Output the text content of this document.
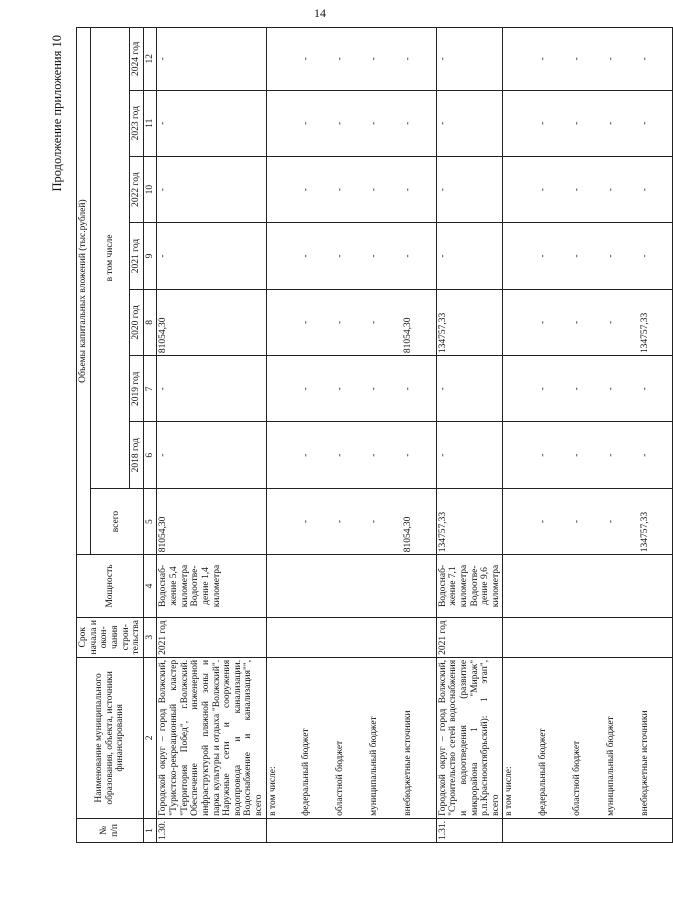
14
Продолжение приложения 10
№ п/п	Наименование муниципального образования, объекта, источники финансирования	Срок начала и окон- чания строи- тельства	Мощность	Объемы капитальных вложений (тыс.рублей)							
				всего	в том числе						
					2018 год	2019 год	2020 год	2021 год	2022 год	2023 год	2024 год
1	2	3	4	5	6	7	8	9	10	11	12
1.30.	Городской округ – город Волжский, "Туристско-рекреационный кластер "Территория Побед", г.Волжский. Обеспечение инженерной инфраструктурой пляжной зоны и парка культуры и отдыха "Волжский". Наружные сети и сооружения водопровода и канализации. Водоснабжение и канализация"", всего	2021 год	Водоснаб- жение 5,4 километра Водоотве- дение 1,4 километра	81054,30	-	-	81054,30	-	-	-	-
	в том числе:										
	федеральный бюджет			-	-	-	-	-	-	-	-
	областной бюджет			-	-	-	-	-	-	-	-
	муниципальный бюджет			-	-	-	-	-	-	-	-
	внебюджетные источники			81054,30	-	-	81054,30	-	-	-	-
1.31.	Городской округ – город Волжский, "Строительство сетей водоснабжения и водоотведения (развитие микрорайона 1 "Мираж" р.п.Краснооктябрьский): 1 этап", всего	2021 год	Водоснаб- жение 7,1 километра Водоотве- дение 9,6 километра	134757,33	-	-	134757,33	-	-	-	-
	в том числе:										
	федеральный бюджет			-	-	-	-	-	-	-	-
	областной бюджет			-	-	-	-	-	-	-	-
	муниципальный бюджет			-	-	-	-	-	-	-	-
	внебюджетные источники			134757,33	-	-	134757,33	-	-	-	-
